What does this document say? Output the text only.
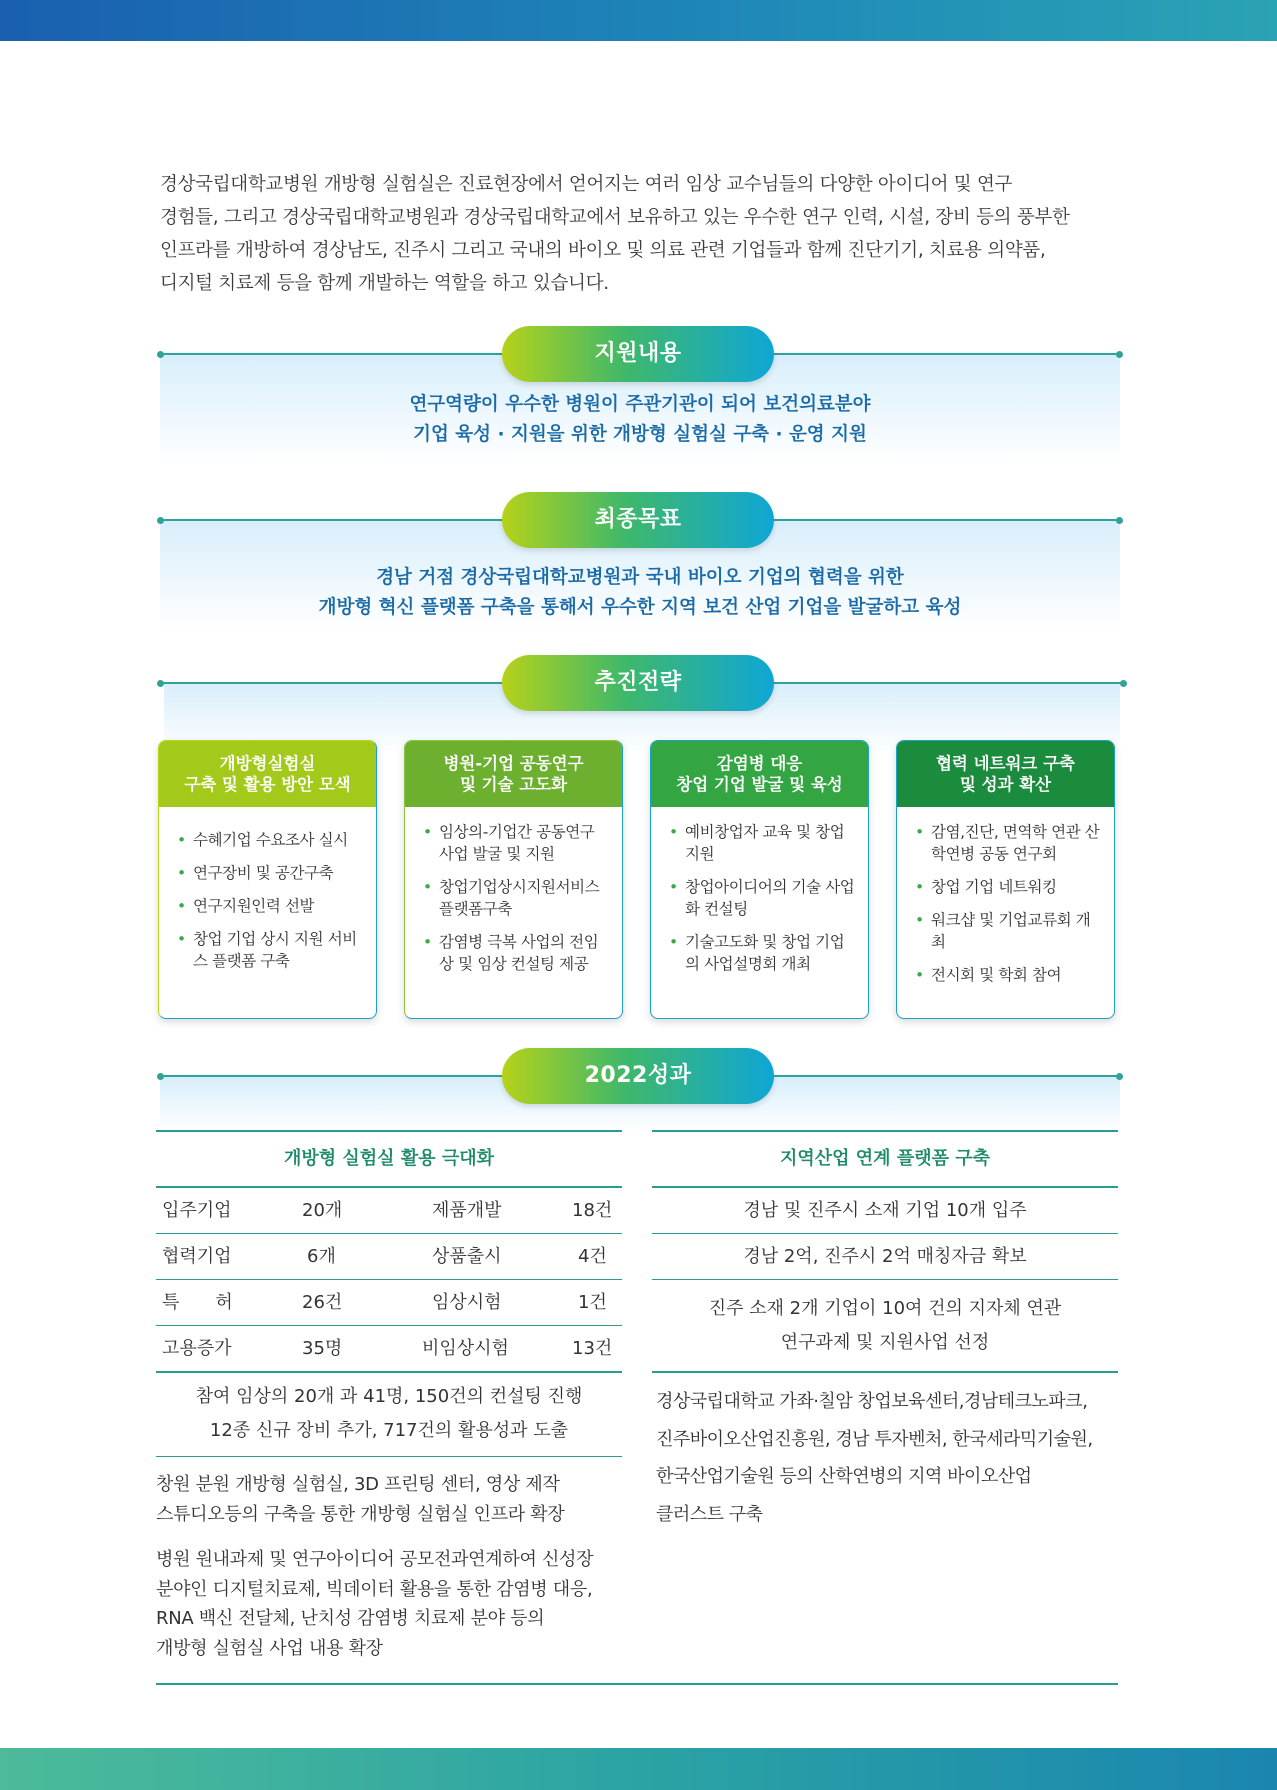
경상국립대학교병원 개방형 실험실은 진료현장에서 얻어지는 여러 임상 교수님들의 다양한 아이디어 및 연구

경험들, 그리고 경상국립대학교병원과 경상국립대학교에서 보유하고 있는 우수한 연구 인력, 시설, 장비 등의 풍부한

인프라를 개방하여 경상남도, 진주시 그리고 국내의 바이오 및 의료 관련 기업들과 함께 진단기기, 치료용 의약품,

디지털 치료제 등을 함께 개발하는 역할을 하고 있습니다.

지원내용

연구역량이 우수한 병원이 주관기관이 되어 보건의료분야

기업 육성 · 지원을 위한 개방형 실험실 구축 · 운영 지원

최종목표

경남 거점 경상국립대학교병원과 국내 바이오 기업의 협력을 위한

개방형 혁신 플랫폼 구축을 통해서 우수한 지역 보건 산업 기업을 발굴하고 육성

추진전략
개방형실험실
구축 및 활용 방안 모색
• 수혜기업 수요조사 실시
• 연구장비 및 공간구축
• 연구지원인력 선발
• 창업 기업 상시 지원 서비스 플랫폼 구축
병원-기업 공동연구
및 기술 고도화
• 임상의-기업간 공동연구 사업 발굴 및 지원
• 창업기업상시지원서비스 플랫폼구축
• 감염병 극복 사업의 전임상 및 임상 컨설팅 제공
감염병 대응
창업 기업 발굴 및 육성
• 예비창업자 교육 및 창업지원
• 창업아이디어의 기술 사업화 컨설팅
• 기술고도화 및 창업 기업의 사업설명회 개최
협력 네트워크 구축
및 성과 확산
• 감염,진단, 면역학 연관 산학연병 공동 연구회
• 창업 기업 네트워킹
• 워크샵 및 기업교류회 개최
• 전시회 및 학회 참여
2022성과
개방형 실험실 활용 극대화
입주기업	20개	제품개발	18건
협력기업	6개	상품출시	4건
특　　허	26건	임상시험	1건
고용증가	35명	비임상시험	13건
참여 임상의 20개 과 41명, 150건의 컨설팅 진행
12종 신규 장비 추가, 717건의 활용성과 도출
창원 분원 개방형 실험실, 3D 프린팅 센터, 영상 제작
스튜디오등의 구축을 통한 개방형 실험실 인프라 확장
병원 원내과제 및 연구아이디어 공모전과연계하여 신성장
분야인 디지털치료제, 빅데이터 활용을 통한 감염병 대응,
RNA 백신 전달체, 난치성 감염병 치료제 분야 등의
개방형 실험실 사업 내용 확장
지역산업 연계 플랫폼 구축
경남 및 진주시 소재 기업 10개 입주
경남 2억, 진주시 2억 매칭자금 확보
진주 소재 2개 기업이 10여 건의 지자체 연관
연구과제 및 지원사업 선정
경상국립대학교 가좌·칠암 창업보육센터,경남테크노파크,
진주바이오산업진흥원, 경남 투자벤처, 한국세라믹기술원,
한국산업기술원 등의 산학연병의 지역 바이오산업
클러스트 구축
